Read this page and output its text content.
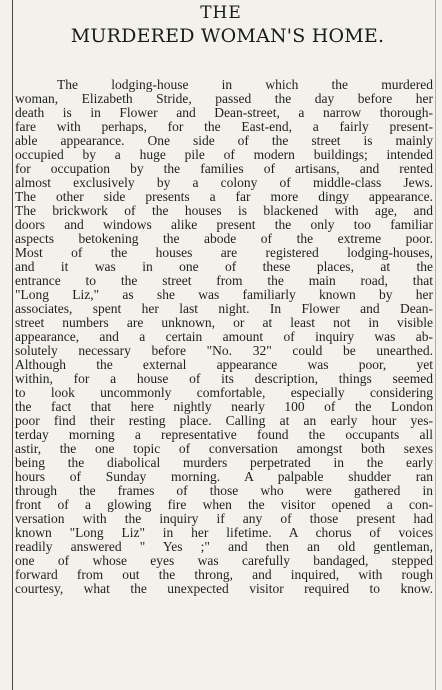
THE
MURDERED WOMAN'S HOME.
The lodging-house in which the murdered
woman, Elizabeth Stride, passed the day before her
death is in Flower and Dean-street, a narrow thorough-
fare with perhaps, for the East-end, a fairly present-
able appearance. One side of the street is mainly
occupied by a huge pile of modern buildings; intended
for occupation by the families of artisans, and rented
almost exclusively by a colony of middle-class Jews.
The other side presents a far more dingy appearance.
The brickwork of the houses is blackened with age, and
doors and windows alike present the only too familiar
aspects betokening the abode of the extreme poor.
Most of the houses are registered lodging-houses,
and it was in one of these places, at the
entrance to the street from the main road, that
"Long Liz," as she was familiarly known by her
associates, spent her last night. In Flower and Dean-
street numbers are unknown, or at least not in visible
appearance, and a certain amount of inquiry was ab-
solutely necessary before "No. 32" could be unearthed.
Although the external appearance was poor, yet
within, for a house of its description, things seemed
to look uncommonly comfortable, especially considering
the fact that here nightly nearly 100 of the London
poor find their resting place. Calling at an early hour yes-
terday morning a representative found the occupants all
astir, the one topic of conversation amongst both sexes
being the diabolical murders perpetrated in the early
hours of Sunday morning. A palpable shudder ran
through the frames of those who were gathered in
front of a glowing fire when the visitor opened a con-
versation with the inquiry if any of those present had
known "Long Liz" in her lifetime. A chorus of voices
readily answered " Yes ;" and then an old gentleman,
one of whose eyes was carefully bandaged, stepped
forward from out the throng, and inquired, with rough
courtesy, what the unexpected visitor required to know.
